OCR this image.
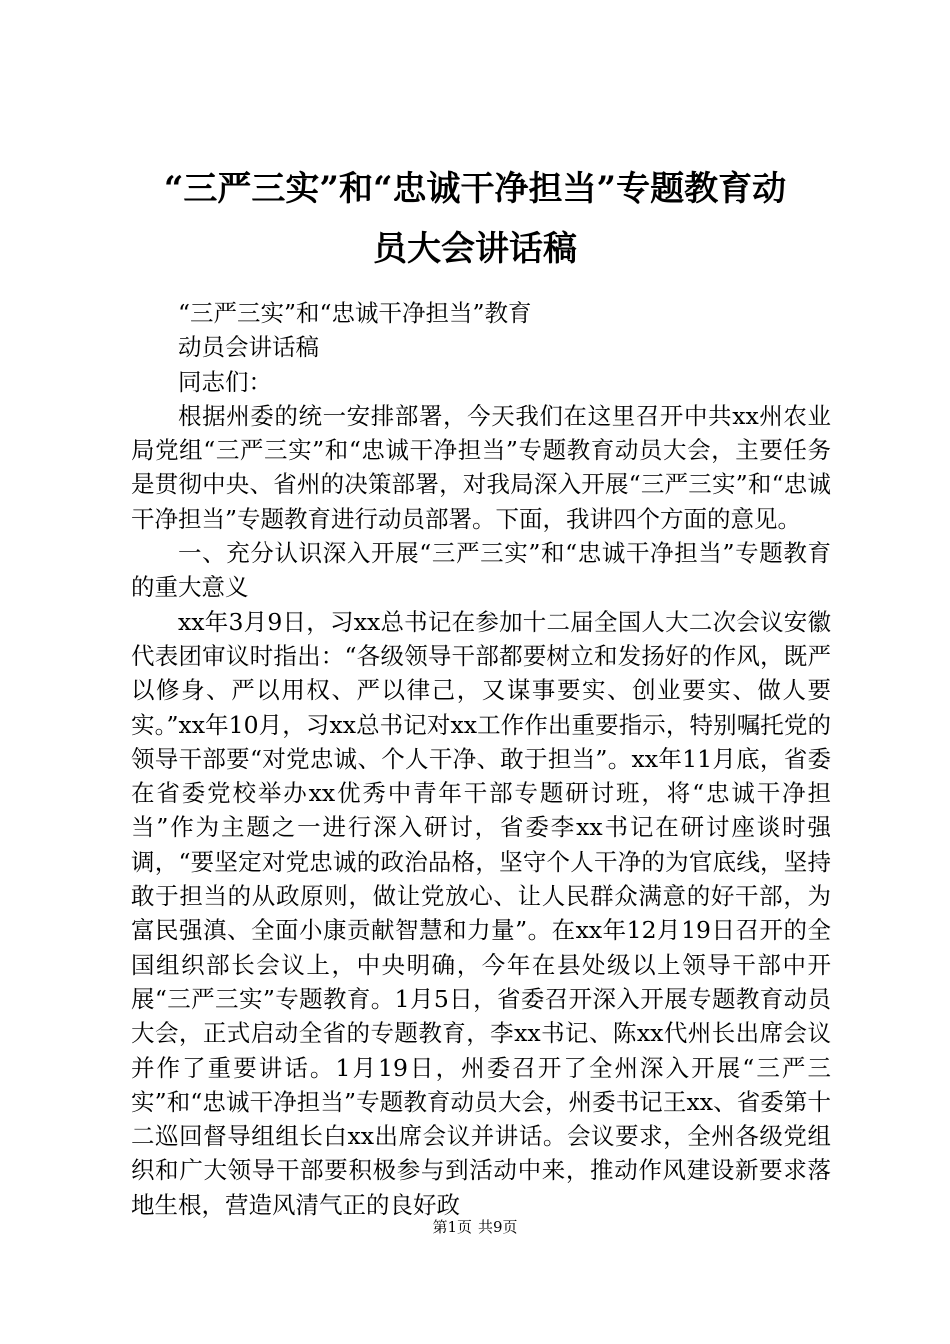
“三严三实”和“忠诚干净担当”专题教育动
员大会讲话稿

“三严三实”和“忠诚干净担当”教育

动员会讲话稿

同志们：

根据州委的统一安排部署，今天我们在这里召开中共xx州农业局党组“三严三实”和“忠诚干净担当”专题教育动员大会，主要任务是贯彻中央、省州的决策部署，对我局深入开展“三严三实”和“忠诚干净担当”专题教育进行动员部署。下面，我讲四个方面的意见。

一、充分认识深入开展“三严三实”和“忠诚干净担当”专题教育的重大意义

xx年3月9日，习xx总书记在参加十二届全国人大二次会议安徽代表团审议时指出：“各级领导干部都要树立和发扬好的作风，既严以修身、严以用权、严以律己，又谋事要实、创业要实、做人要实。”xx年10月，习xx总书记对xx工作作出重要指示，特别嘱托党的领导干部要“对党忠诚、个人干净、敢于担当”。xx年11月底，省委在省委党校举办xx优秀中青年干部专题研讨班，将“忠诚干净担当”作为主题之一进行深入研讨，省委李xx书记在研讨座谈时强调，“要坚定对党忠诚的政治品格，坚守个人干净的为官底线，坚持敢于担当的从政原则，做让党放心、让人民群众满意的好干部，为富民强滇、全面小康贡献智慧和力量”。在xx年12月19日召开的全国组织部长会议上，中央明确，今年在县处级以上领导干部中开展“三严三实”专题教育。1月5日，省委召开深入开展专题教育动员大会，正式启动全省的专题教育，李xx书记、陈xx代州长出席会议并作了重要讲话。1月19日，州委召开了全州深入开展“三严三实”和“忠诚干净担当”专题教育动员大会，州委书记王xx、省委第十二巡回督导组组长白xx出席会议并讲话。会议要求，全州各级党组织和广大领导干部要积极参与到活动中来，推动作风建设新要求落地生根，营造风清气正的良好政

第1页 共9页
